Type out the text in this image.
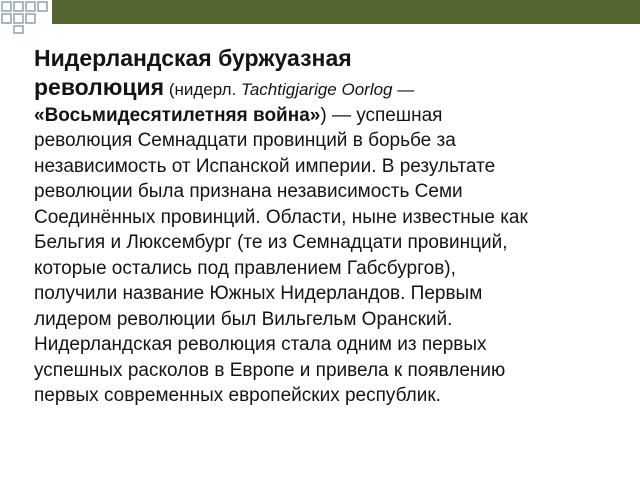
Нидерландская буржуазная
революция (нидерл. Tachtigjarige Oorlog —
«Восьмидесятилетняя война») — успешная
революция Семнадцати провинций в борьбе за
независимость от Испанской империи. В результате
революции была признана независимость Семи
Соединённых провинций. Области, ныне известные как
Бельгия и Люксембург (те из Семнадцати провинций,
которые остались под правлением Габсбургов),
получили название Южных Нидерландов. Первым
лидером революции был Вильгельм Оранский.
Нидерландская революция стала одним из первых
успешных расколов в Европе и привела к появлению
первых современных европейских республик.
